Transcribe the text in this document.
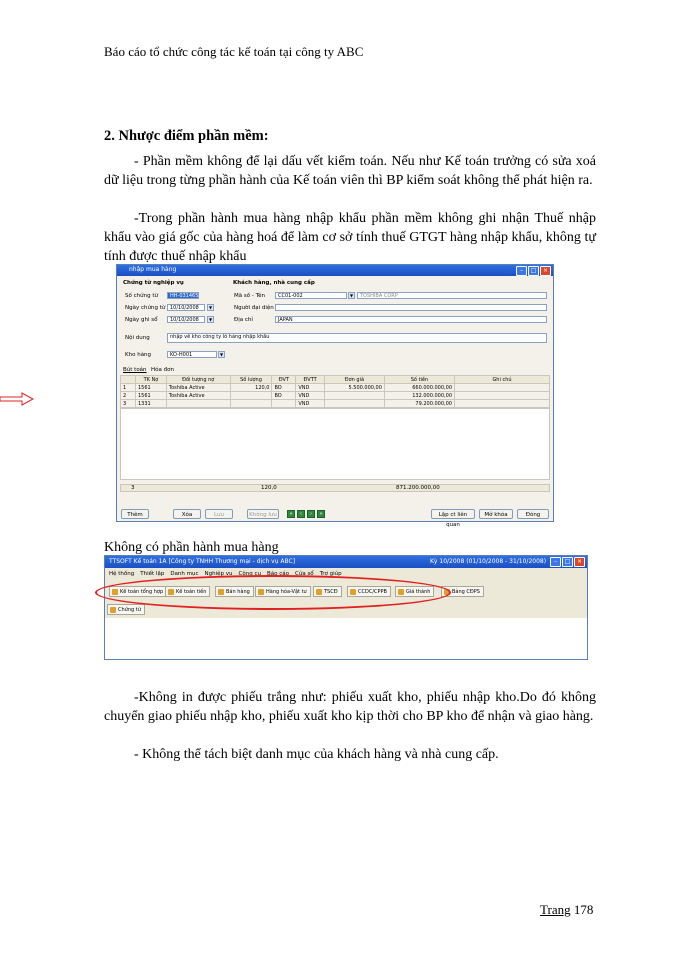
Báo cáo tổ chức công tác kế toán tại công ty ABC
2. Nhược điểm phần mềm:
- Phần mềm không để lại dấu vết kiểm toán. Nếu như Kế toán trưởng có sửa xoá dữ liệu trong từng phần hành của Kế toán viên thì BP kiểm soát không thể phát hiện ra.
-Trong phần hành mua hàng nhập khẩu phần mềm không ghi nhận Thuế nhập khẩu vào giá gốc của hàng hoá để làm cơ sở tính thuế GTGT hàng nhập khẩu, không tự tính được thuế nhập khẩu
nhập mua hàng	–	□	×
Chứng từ nghiệp vụ	Khách hàng, nhà cung cấp
Số chứng từ	HH-031465
Ngày chứng từ 10/10/2008	▼
Ngày ghi sổ	10/10/2008	▼
Mã số - Tên	CC01-002	▼	TOSHIBA CORP
Người đại diện
Địa chỉ	JAPAN
Nội dung	nhập về kho công ty lô hàng nhập khẩu
Kho hàng	KO-H001	▼
Bút toán Hóa đơn
	TK Nợ	Đối tượng nợ	Số lượng	ĐVT	ĐVTT	Đơn giá	Số tiền	Ghi chú
1	1561	Toshiba Active	120,0	BO	VND	5.500.000,00	660.000.000,00	
2	1561	Toshiba Active		BO	VND		132.000.000,00	
3	1331				VND		79.200.000,00	
3	120,0	871.200.000,00
Thêm	Xóa	Lưu	Không lưu	«	‹	›	»	Lập ct liên quan
Mở khóa	Đóng
Không có phần hành mua hàng
TTSOFT Kế toán 1A [Công ty TNHH Thương mại - dịch vụ ABC]	Kỳ 10/2008 (01/10/2008 - 31/10/2008)	–	□	×
Hệ thống Thiết lập Danh mục Nghiệp vụ Công cụ Báo cáo Cửa sổ Trợ giúp
Kế toán tổng hợp	Kế toán tiền	Bán hàng	Hàng hóa-Vật tư	TSCĐ	CCDC/CPPB	Giá thành	Bảng CĐPS
Chứng từ
-Không in được phiếu trắng như: phiếu xuất kho, phiếu nhập kho.Do đó không chuyển giao phiếu nhập kho, phiếu xuất kho kịp thời cho BP kho để nhận và giao hàng.
- Không thể tách biệt danh mục của khách hàng và nhà cung cấp.
Trang 178
